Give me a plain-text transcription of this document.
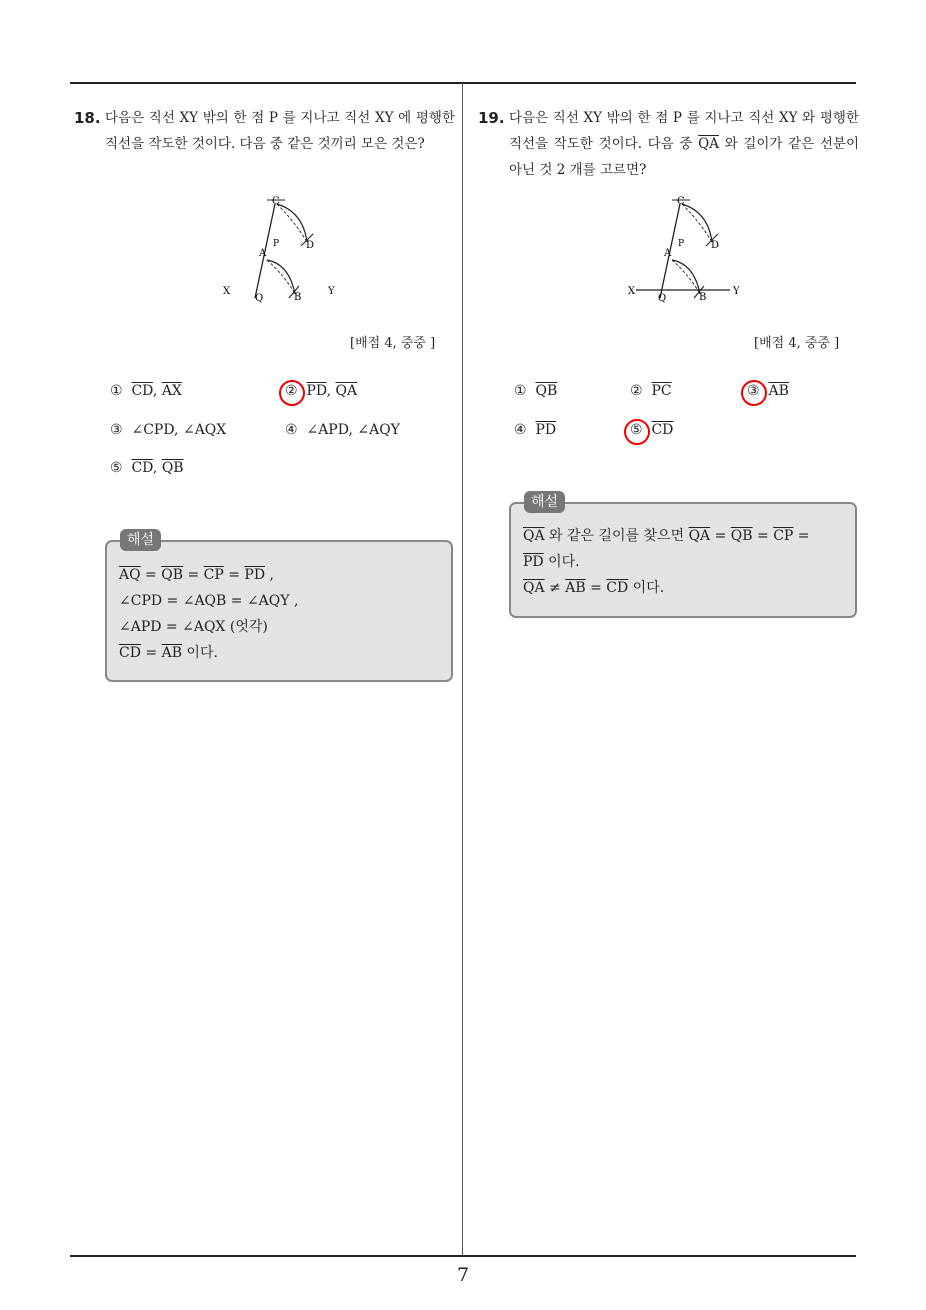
7
18. 다음은 직선 XY 밖의 한 점 P 를 지나고 직선 XY 에 평행한 직선을 작도한 것이다. 다음 중 같은 것끼리 모은 것은?
C
P	D
A
X
Q	B
Y
[배점 4, 중중 ]
① $\overline{CD}$, $\overline{AX}$	② $\overline{PD}$, $\overline{QA}$
③ ∠CPD, ∠AQX	④ ∠APD, ∠AQY
⑤ $\overline{CD}$, $\overline{QB}$
$\overline{AQ} = \overline{QB} = \overline{CP} = \overline{PD}$ ,
∠CPD = ∠AQB = ∠AQY ,
∠APD = ∠AQX (엇각)
$\overline{CD} = \overline{AB}$ 이다.
해설
19. 다음은 직선 XY 밖의 한 점 P 를 지나고 직선 XY 와 평행한 직선을 작도한 것이다. 다음 중 $\overline{QA}$ 와 길이가 같은 선분이 아닌 것 2 개를 고르면?
C
P	D
A
X
Q	B
Y
[배점 4, 중중 ]
① $\overline{QB}$	② $\overline{PC}$	③ $\overline{AB}$
④ $\overline{PD}$	⑤ $\overline{CD}$
$\overline{QA}$ 와 같은 길이를 찾으면 $\overline{QA} = \overline{QB} = \overline{CP}$ =
$\overline{PD}$ 이다.
$\overline{QA} \ne \overline{AB} = \overline{CD}$ 이다.
해설
